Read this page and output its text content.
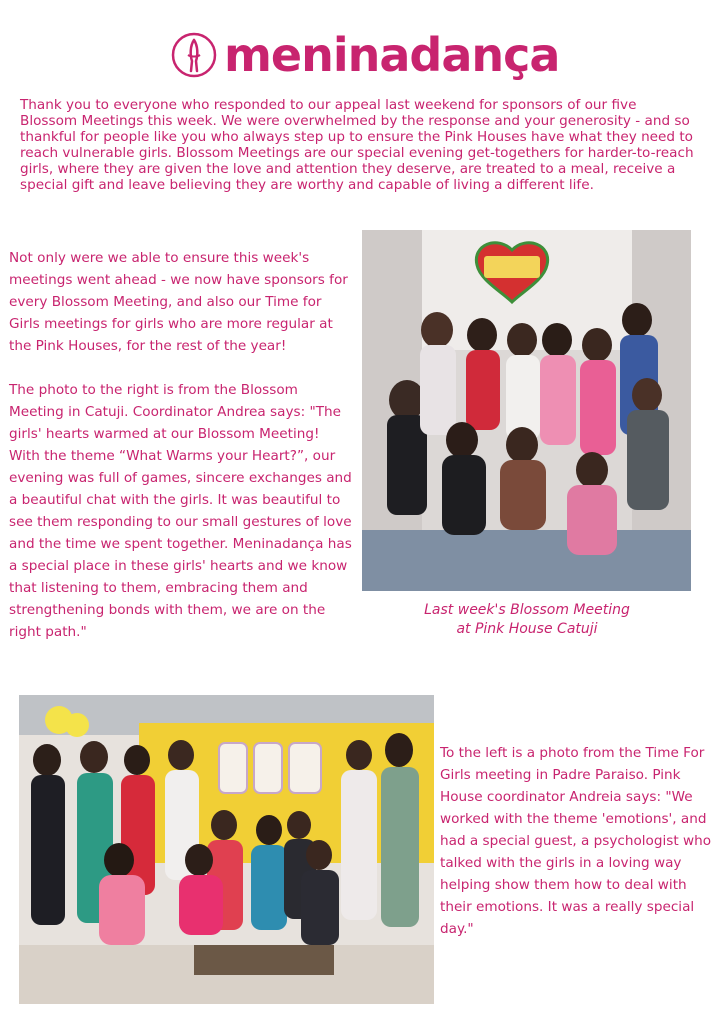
meninadança

Thank you to everyone who responded to our appeal last weekend for sponsors of our five Blossom Meetings this week. We were overwhelmed by the response and your generosity - and so thankful for people like you who always step up to ensure the Pink Houses have what they need to reach vulnerable girls. Blossom Meetings are our special evening get-togethers for harder-to-reach girls, where they are given the love and attention they deserve, are treated to a meal, receive a special gift and leave believing they are worthy and capable of living a different life.

Not only were we able to ensure this week's meetings went ahead - we now have sponsors for every Blossom Meeting, and also our Time for Girls meetings for girls who are more regular at the Pink Houses, for the rest of the year!

The photo to the right is from the Blossom Meeting in Catuji. Coordinator Andrea says: "The girls' hearts warmed at our Blossom Meeting! With the theme “What Warms your Heart?”, our evening was full of games, sincere exchanges and a beautiful chat with the girls. It was beautiful to see them responding to our small gestures of love and the time we spent together. Meninadança has a special place in these girls' hearts and we know that listening to them, embracing them and strengthening bonds with them, we are on the right path."

Last week's Blossom Meeting
at Pink House Catuji

To the left is a photo from the Time For Girls meeting in Padre Paraiso. Pink House coordinator Andreia says: "We worked with the theme 'emotions', and had a special guest, a psychologist who talked with the girls in a loving way helping show them how to deal with their emotions. It was a really special day."
